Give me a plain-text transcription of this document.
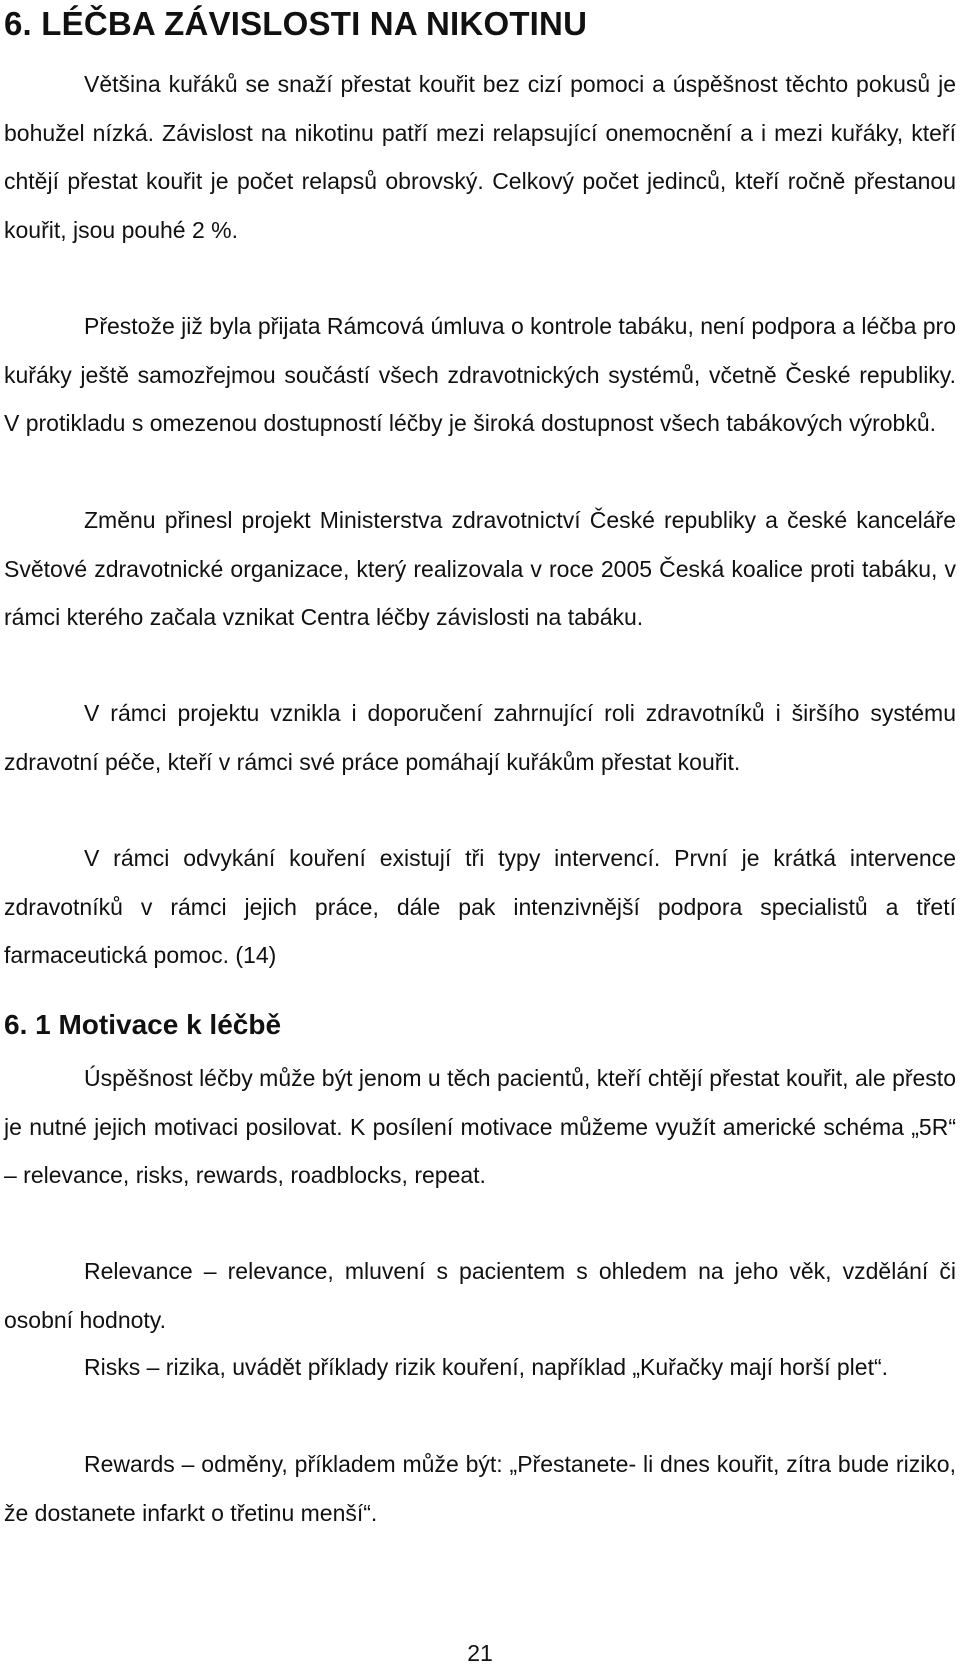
6. LÉČBA ZÁVISLOSTI NA NIKOTINU

Většina kuřáků se snaží přestat kouřit bez cizí pomoci a úspěšnost těchto pokusů je bohužel nízká. Závislost na nikotinu patří mezi relapsující onemocnění a i mezi kuřáky, kteří chtějí přestat kouřit je počet relapsů obrovský. Celkový počet jedinců, kteří ročně přestanou kouřit, jsou pouhé 2 %.

Přestože již byla přijata Rámcová úmluva o kontrole tabáku, není podpora a léčba pro kuřáky ještě samozřejmou součástí všech zdravotnických systémů, včetně České republiky. V protikladu s omezenou dostupností léčby je široká dostupnost všech tabákových výrobků.

Změnu přinesl projekt Ministerstva zdravotnictví České republiky a české kanceláře Světové zdravotnické organizace, který realizovala v roce 2005 Česká koalice proti tabáku, v rámci kterého začala vznikat Centra léčby závislosti na tabáku.

V rámci projektu vznikla i doporučení zahrnující roli zdravotníků i širšího systému zdravotní péče, kteří v rámci své práce pomáhají kuřákům přestat kouřit.

V rámci odvykání kouření existují tři typy intervencí. První je krátká intervence zdravotníků v rámci jejich práce, dále pak intenzivnější podpora specialistů a třetí farmaceutická pomoc. (14)

6. 1 Motivace k léčbě

Úspěšnost léčby může být jenom u těch pacientů, kteří chtějí přestat kouřit, ale přesto je nutné jejich motivaci posilovat. K posílení motivace můžeme využít americké schéma „5R“ – relevance, risks, rewards, roadblocks, repeat.

Relevance – relevance, mluvení s pacientem s ohledem na jeho věk, vzdělání či osobní hodnoty.

Risks – rizika, uvádět příklady rizik kouření, například „Kuřačky mají horší plet“.

Rewards – odměny, příkladem může být: „Přestanete- li dnes kouřit, zítra bude riziko, že dostanete infarkt o třetinu menší“.

21
